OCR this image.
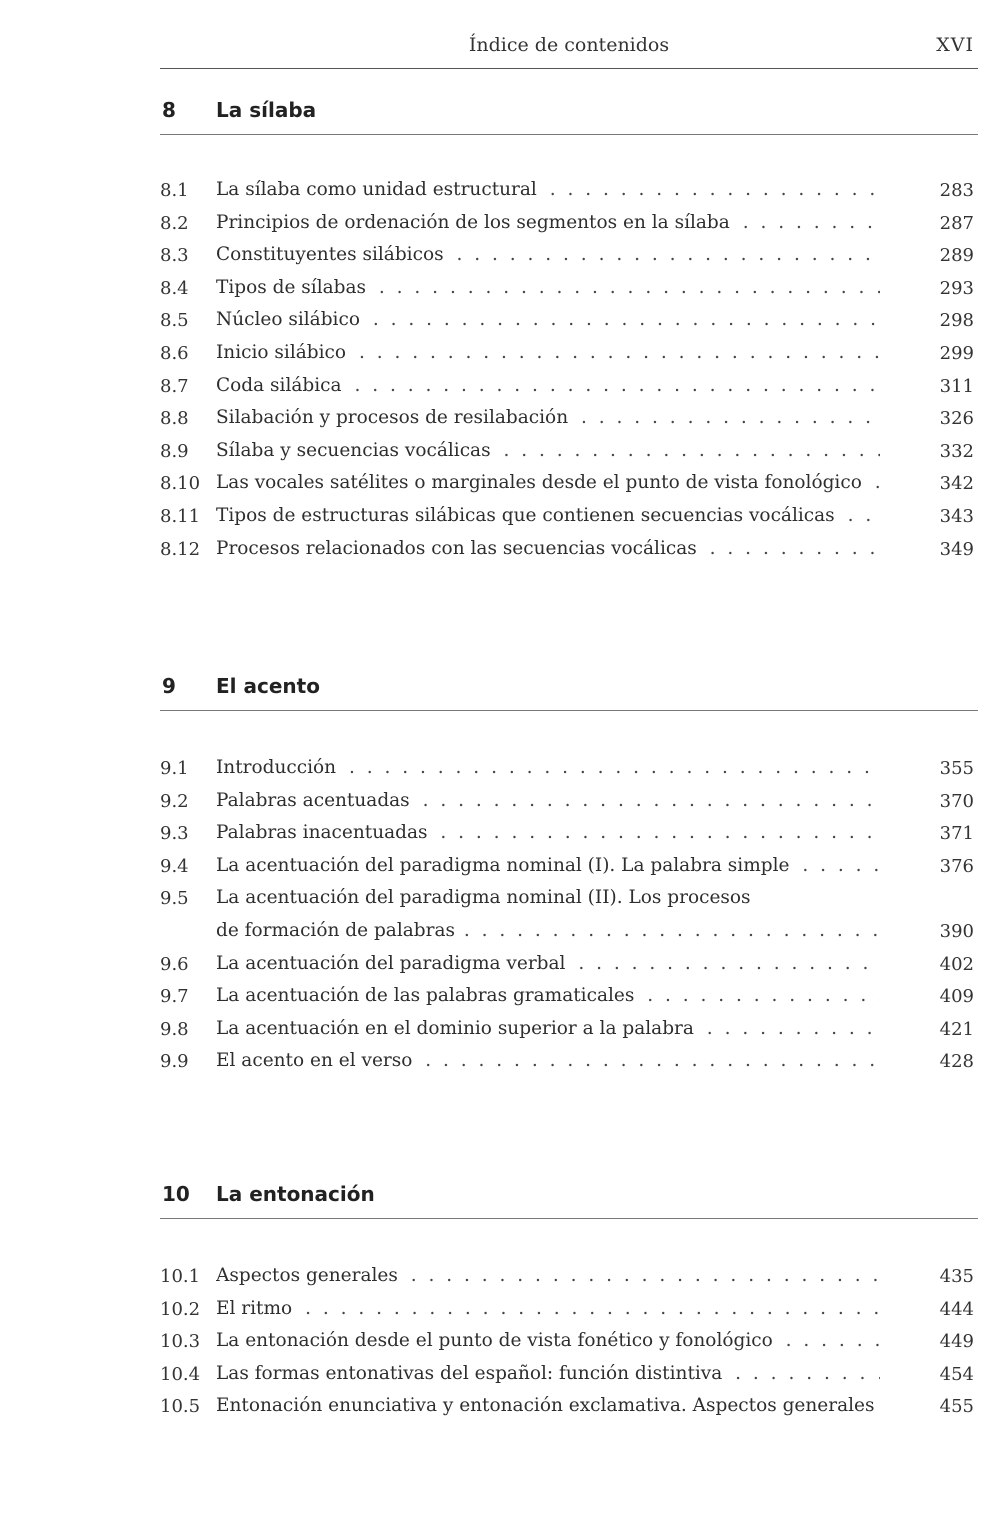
Índice de contenidos	XVI
8 La sílaba
8.1 La sílaba como unidad estructural . . .	283
8.2 Principios de ordenación de los segmentos en la sílaba . . .	287
8.3 Constituyentes silábicos . . .	289
8.4 Tipos de sílabas . . .	293
8.5 Núcleo silábico . . .	298
8.6 Inicio silábico . . .	299
8.7 Coda silábica . . .	311
8.8 Silabación y procesos de resilabación . . .	326
8.9 Sílaba y secuencias vocálicas . . .	332
8.10 Las vocales satélites o marginales desde el punto de vista fonológico . . .	342
8.11 Tipos de estructuras silábicas que contienen secuencias vocálicas . . .	343
8.12 Procesos relacionados con las secuencias vocálicas . . .	349
9 El acento
9.1 Introducción . . .	355
9.2 Palabras acentuadas . . .	370
9.3 Palabras inacentuadas . . .	371
9.4 La acentuación del paradigma nominal (I). La palabra simple . . .	376
9.5 La acentuación del paradigma nominal (II). Los procesos
de formación de palabras . . .	390
9.6 La acentuación del paradigma verbal . . .	402
9.7 La acentuación de las palabras gramaticales . . .	409
9.8 La acentuación en el dominio superior a la palabra . . .	421
9.9 El acento en el verso . . .	428
10 La entonación
10.1 Aspectos generales . . .	435
10.2 El ritmo . . .	444
10.3 La entonación desde el punto de vista fonético y fonológico . . .	449
10.4 Las formas entonativas del español: función distintiva . . .	454
10.5 Entonación enunciativa y entonación exclamativa. Aspectos generales . . .	455
